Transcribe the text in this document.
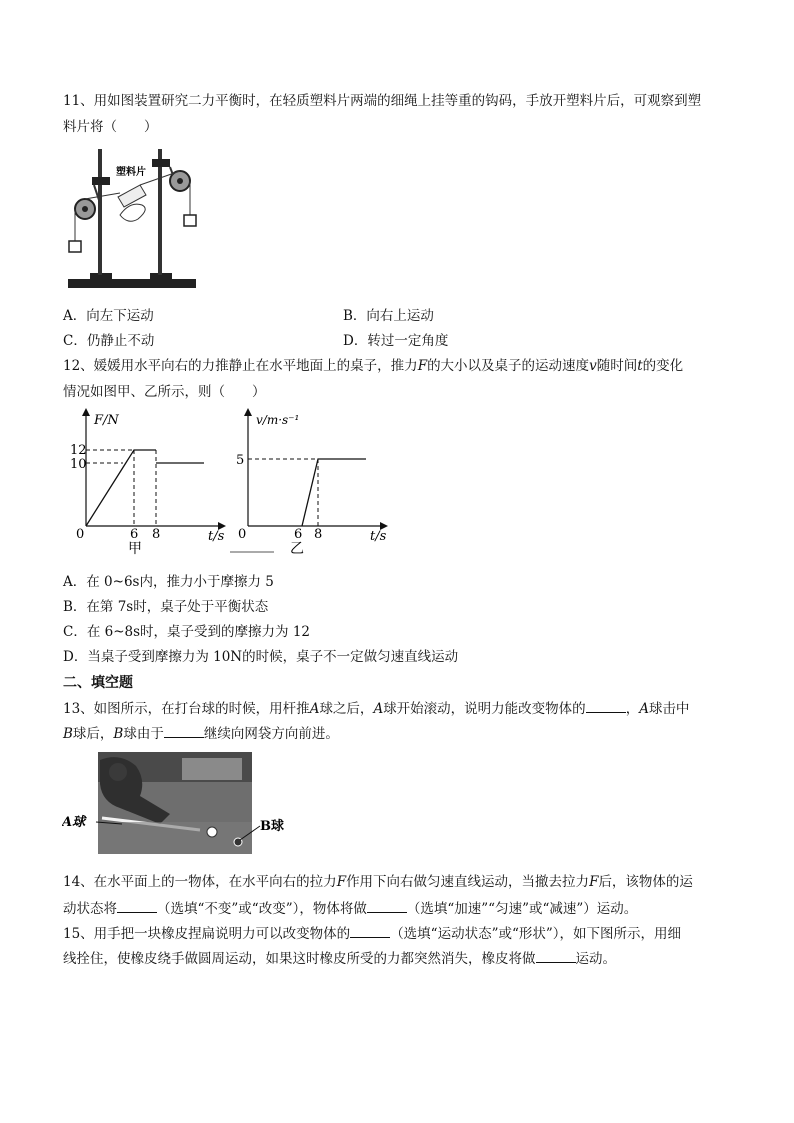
11、用如图装置研究二力平衡时，在轻质塑料片两端的细绳上挂等重的钩码，手放开塑料片后，可观察到塑
料片将（　　）
塑料片
A．向左下运动	B．向右上运动
C．仍静止不动	D．转过一定角度
12、媛媛用水平向右的力推静止在水平地面上的桌子，推力F的大小以及桌子的运动速度v随时间t的变化
情况如图甲、乙所示，则（　　）
F/N
12
10
0	6 8	t/s
甲
v/m·s⁻¹
5
0	6 8	t/s
乙
A．在 0~6s内，推力小于摩擦力 5
B．在第 7s时，桌子处于平衡状态
C．在 6~8s时，桌子受到的摩擦力为 12
D．当桌子受到摩擦力为 10N的时候，桌子不一定做匀速直线运动
二、填空题
13、如图所示，在打台球的时候，用杆推A球之后，A球开始滚动，说明力能改变物体的	，A球击中
B球后，B球由于	继续向网袋方向前进。
A球	B球
14、在水平面上的一物体，在水平向右的拉力F作用下向右做匀速直线运动，当撤去拉力F后，该物体的运
动状态将	（选填“不变”或“改变”），物体将做	（选填“加速”“匀速”或“减速”）运动。
15、用手把一块橡皮捏扁说明力可以改变物体的	（选填“运动状态”或“形状”），如下图所示，用细
线拴住，使橡皮绕手做圆周运动，如果这时橡皮所受的力都突然消失，橡皮将做	运动。
